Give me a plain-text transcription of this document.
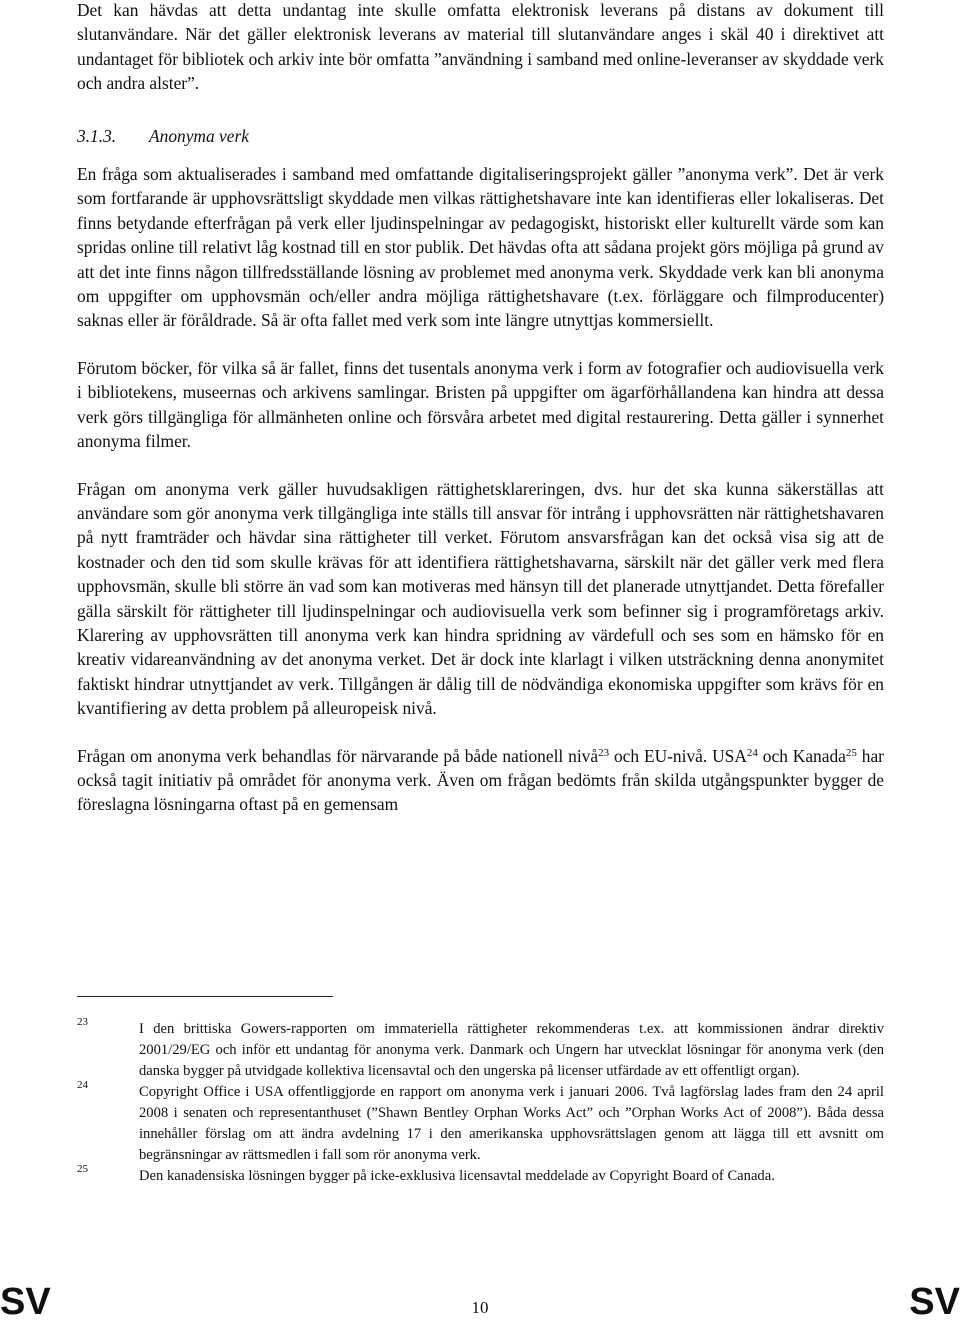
Det kan hävdas att detta undantag inte skulle omfatta elektronisk leverans på distans av dokument till slutanvändare. När det gäller elektronisk leverans av material till slutanvändare anges i skäl 40 i direktivet att undantaget för bibliotek och arkiv inte bör omfatta ”användning i samband med online-leveranser av skyddade verk och andra alster”.

3.1.3. Anonyma verk

En fråga som aktualiserades i samband med omfattande digitaliseringsprojekt gäller ”anonyma verk”. Det är verk som fortfarande är upphovsrättsligt skyddade men vilkas rättighetshavare inte kan identifieras eller lokaliseras. Det finns betydande efterfrågan på verk eller ljudinspelningar av pedagogiskt, historiskt eller kulturellt värde som kan spridas online till relativt låg kostnad till en stor publik. Det hävdas ofta att sådana projekt görs möjliga på grund av att det inte finns någon tillfredsställande lösning av problemet med anonyma verk. Skyddade verk kan bli anonyma om uppgifter om upphovsmän och/eller andra möjliga rättighetshavare (t.ex. förläggare och filmproducenter) saknas eller är föråldrade. Så är ofta fallet med verk som inte längre utnyttjas kommersiellt.

Förutom böcker, för vilka så är fallet, finns det tusentals anonyma verk i form av fotografier och audiovisuella verk i bibliotekens, museernas och arkivens samlingar. Bristen på uppgifter om ägarförhållandena kan hindra att dessa verk görs tillgängliga för allmänheten online och försvåra arbetet med digital restaurering. Detta gäller i synnerhet anonyma filmer.

Frågan om anonyma verk gäller huvudsakligen rättighetsklareringen, dvs. hur det ska kunna säkerställas att användare som gör anonyma verk tillgängliga inte ställs till ansvar för intrång i upphovsrätten när rättighetshavaren på nytt framträder och hävdar sina rättigheter till verket. Förutom ansvarsfrågan kan det också visa sig att de kostnader och den tid som skulle krävas för att identifiera rättighetshavarna, särskilt när det gäller verk med flera upphovsmän, skulle bli större än vad som kan motiveras med hänsyn till det planerade utnyttjandet. Detta förefaller gälla särskilt för rättigheter till ljudinspelningar och audiovisuella verk som befinner sig i programföretags arkiv. Klarering av upphovsrätten till anonyma verk kan hindra spridning av värdefull och ses som en hämsko för en kreativ vidareanvändning av det anonyma verket. Det är dock inte klarlagt i vilken utsträckning denna anonymitet faktiskt hindrar utnyttjandet av verk. Tillgången är dålig till de nödvändiga ekonomiska uppgifter som krävs för en kvantifiering av detta problem på alleuropeisk nivå.

Frågan om anonyma verk behandlas för närvarande på både nationell nivå$^{23}$ och EU-nivå. USA$^{24}$ och Kanada$^{25}$ har också tagit initiativ på området för anonyma verk. Även om frågan bedömts från skilda utgångspunkter bygger de föreslagna lösningarna oftast på en gemensam

23	I den brittiska Gowers-rapporten om immateriella rättigheter rekommenderas t.ex. att kommissionen ändrar direktiv 2001/29/EG och inför ett undantag för anonyma verk. Danmark och Ungern har utvecklat lösningar för anonyma verk (den danska bygger på utvidgade kollektiva licensavtal och den ungerska på licenser utfärdade av ett offentligt organ).
24	Copyright Office i USA offentliggjorde en rapport om anonyma verk i januari 2006. Två lagförslag lades fram den 24 april 2008 i senaten och representanthuset (”Shawn Bentley Orphan Works Act” och ”Orphan Works Act of 2008”). Båda dessa innehåller förslag om att ändra avdelning 17 i den amerikanska upphovsrättslagen genom att lägga till ett avsnitt om begränsningar av rättsmedlen i fall som rör anonyma verk.
25	Den kanadensiska lösningen bygger på icke-exklusiva licensavtal meddelade av Copyright Board of Canada.
SV	10	SV
